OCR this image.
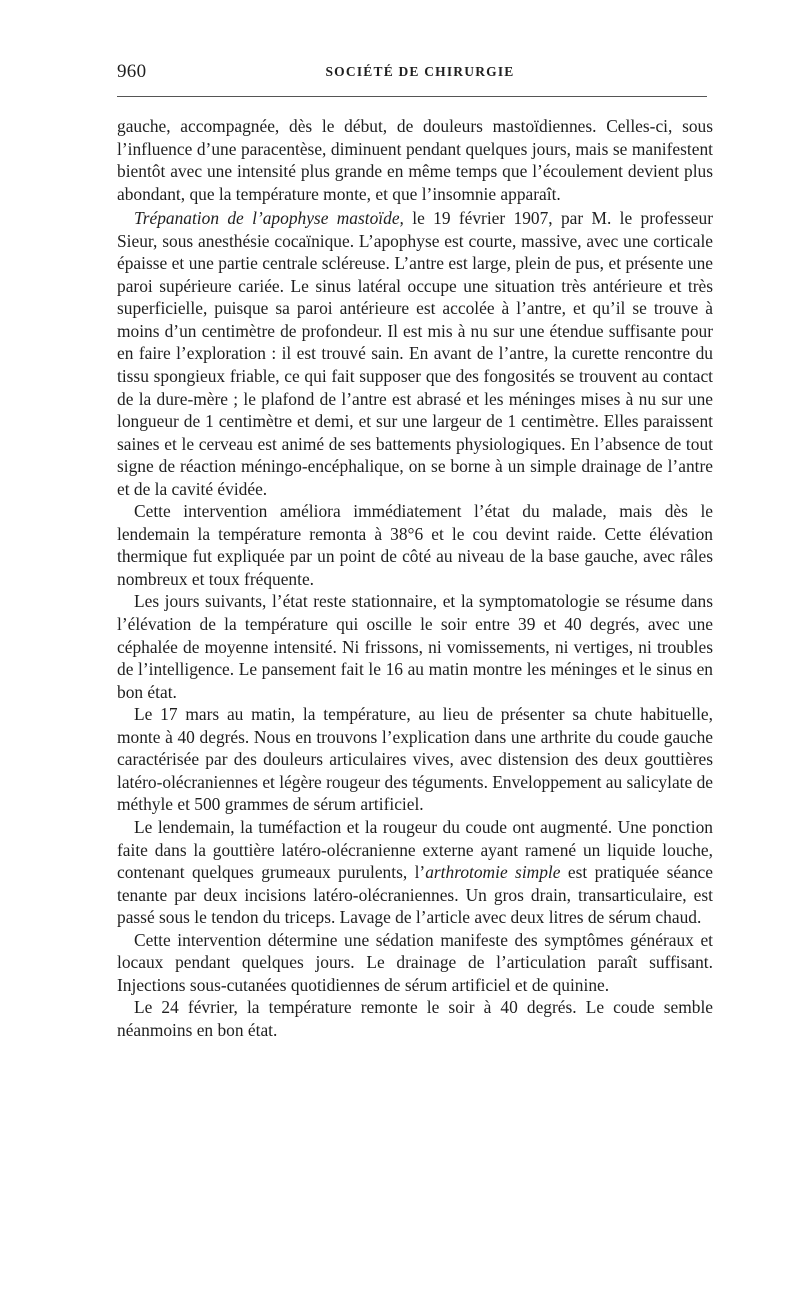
960	SOCIÉTÉ DE CHIRURGIE

gauche, accompagnée, dès le début, de douleurs mastoïdiennes. Celles-ci, sous l’influence d’une paracentèse, diminuent pendant quelques jours, mais se manifestent bientôt avec une intensité plus grande en même temps que l’écoulement devient plus abondant, que la température monte, et que l’insomnie apparaît.

Trépanation de l’apophyse mastoïde, le 19 février 1907, par M. le professeur Sieur, sous anesthésie cocaïnique. L’apophyse est courte, massive, avec une corticale épaisse et une partie centrale scléreuse. L’antre est large, plein de pus, et présente une paroi supérieure cariée. Le sinus latéral occupe une situation très antérieure et très superficielle, puisque sa paroi antérieure est accolée à l’antre, et qu’il se trouve à moins d’un centimètre de profondeur. Il est mis à nu sur une étendue suffisante pour en faire l’exploration : il est trouvé sain. En avant de l’antre, la curette rencontre du tissu spongieux friable, ce qui fait supposer que des fongosités se trouvent au contact de la dure-mère ; le plafond de l’antre est abrasé et les méninges mises à nu sur une longueur de 1 centimètre et demi, et sur une largeur de 1 centimètre. Elles paraissent saines et le cerveau est animé de ses battements physiologiques. En l’absence de tout signe de réaction méningo-encéphalique, on se borne à un simple drainage de l’antre et de la cavité évidée.

Cette intervention améliora immédiatement l’état du malade, mais dès le lendemain la température remonta à 38°6 et le cou devint raide. Cette élévation thermique fut expliquée par un point de côté au niveau de la base gauche, avec râles nombreux et toux fréquente.

Les jours suivants, l’état reste stationnaire, et la symptomatologie se résume dans l’élévation de la température qui oscille le soir entre 39 et 40 degrés, avec une céphalée de moyenne intensité. Ni frissons, ni vomissements, ni vertiges, ni troubles de l’intelligence. Le pansement fait le 16 au matin montre les méninges et le sinus en bon état.

Le 17 mars au matin, la température, au lieu de présenter sa chute habituelle, monte à 40 degrés. Nous en trouvons l’explication dans une arthrite du coude gauche caractérisée par des douleurs articulaires vives, avec distension des deux gouttières latéro-olécraniennes et légère rougeur des téguments. Enveloppement au salicylate de méthyle et 500 grammes de sérum artificiel.

Le lendemain, la tuméfaction et la rougeur du coude ont augmenté. Une ponction faite dans la gouttière latéro-olécranienne externe ayant ramené un liquide louche, contenant quelques grumeaux purulents, l’arthrotomie simple est pratiquée séance tenante par deux incisions latéro-olécraniennes. Un gros drain, transarticulaire, est passé sous le tendon du triceps. Lavage de l’article avec deux litres de sérum chaud.

Cette intervention détermine une sédation manifeste des symptômes généraux et locaux pendant quelques jours. Le drainage de l’articulation paraît suffisant. Injections sous-cutanées quotidiennes de sérum artificiel et de quinine.

Le 24 février, la température remonte le soir à 40 degrés. Le coude semble néanmoins en bon état.
